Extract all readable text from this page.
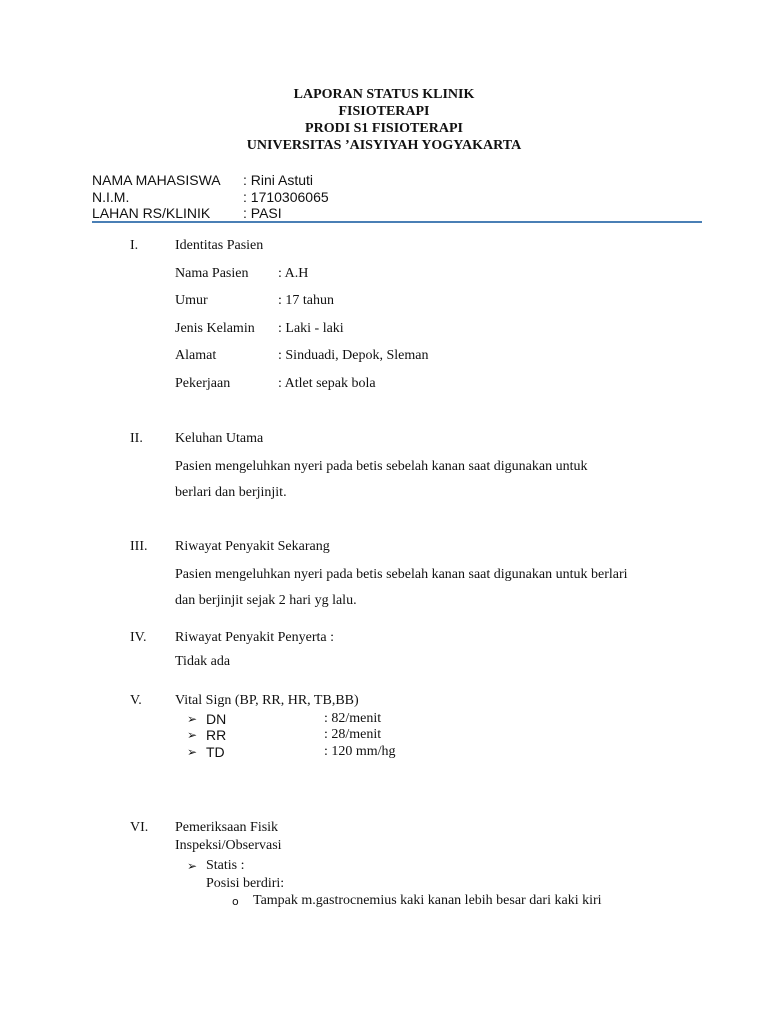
LAPORAN STATUS KLINIK
FISIOTERAPI
PRODI S1 FISIOTERAPI
UNIVERSITAS ’AISYIYAH YOGYAKARTA
NAMA MAHASISWA : Rini Astuti
N.I.M.	: 1710306065
LAHAN RS/KLINIK : PASI
I.	Identitas Pasien
Nama Pasien : A.H
Umur	: 17 tahun
Jenis Kelamin : Laki - laki
Alamat	: Sinduadi, Depok, Sleman
Pekerjaan	: Atlet sepak bola
II. Keluhan Utama
Pasien mengeluhkan nyeri pada betis sebelah kanan saat digunakan untuk
berlari dan berjinjit.
III. Riwayat Penyakit Sekarang
Pasien mengeluhkan nyeri pada betis sebelah kanan saat digunakan untuk berlari
dan berjinjit sejak 2 hari yg lalu.
IV. Riwayat Penyakit Penyerta :
Tidak ada
V. Vital Sign (BP, RR, HR, TB,BB)
➢ DN	: 82/menit
➢ RR	: 28/menit
➢ TD	: 120 mm/hg
VI. Pemeriksaan Fisik
Inspeksi/Observasi
➢ Statis :
Posisi berdiri:
o Tampak m.gastrocnemius kaki kanan lebih besar dari kaki kiri
